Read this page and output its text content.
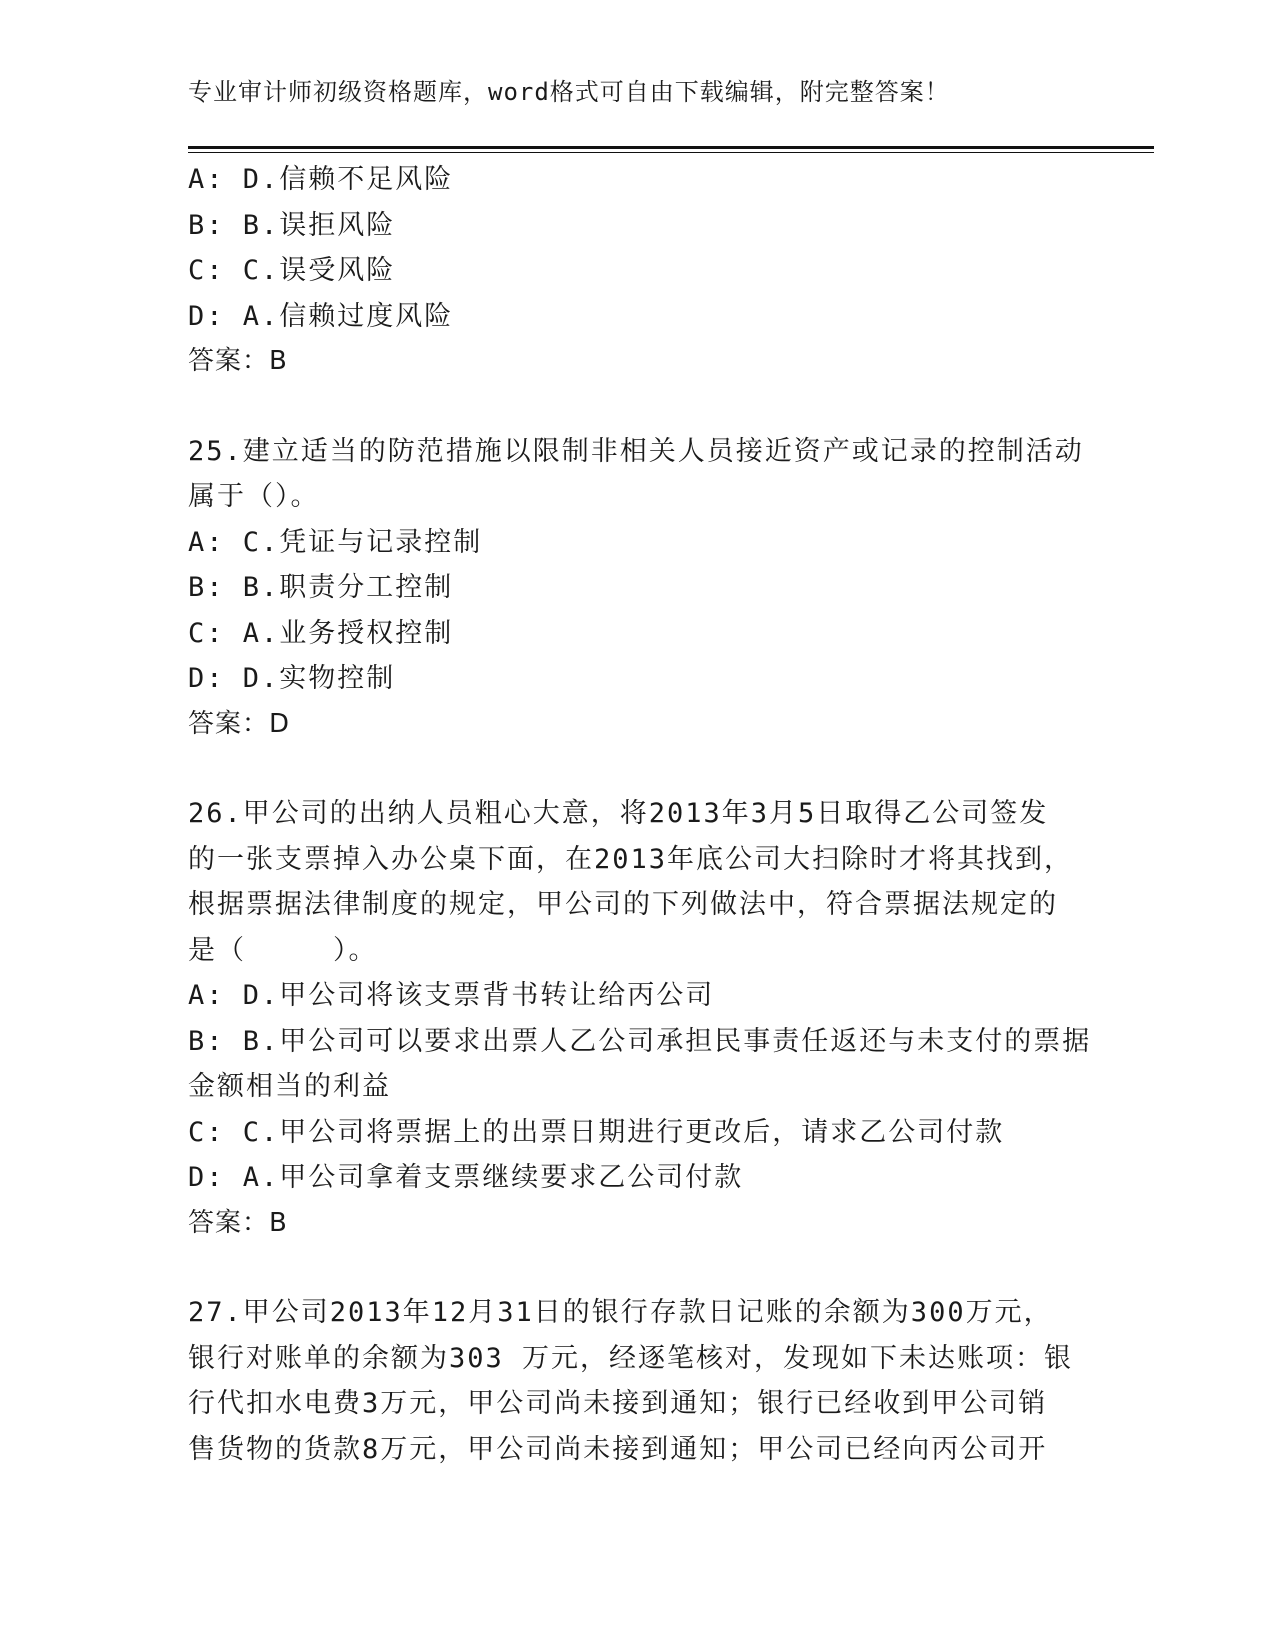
专业审计师初级资格题库，word格式可自由下载编辑，附完整答案！
A: D.信赖不足风险
B: B.误拒风险
C: C.误受风险
D: A.信赖过度风险
答案：B
25.建立适当的防范措施以限制非相关人员接近资产或记录的控制活动
属于（）。
A: C.凭证与记录控制
B: B.职责分工控制
C: A.业务授权控制
D: D.实物控制
答案：D
26.甲公司的出纳人员粗心大意，将2013年3月5日取得乙公司签发
的一张支票掉入办公桌下面，在2013年底公司大扫除时才将其找到，
根据票据法律制度的规定，甲公司的下列做法中，符合票据法规定的
是（　　　）。
A: D.甲公司将该支票背书转让给丙公司
B: B.甲公司可以要求出票人乙公司承担民事责任返还与未支付的票据
金额相当的利益
C: C.甲公司将票据上的出票日期进行更改后，请求乙公司付款
D: A.甲公司拿着支票继续要求乙公司付款
答案：B
27.甲公司2013年12月31日的银行存款日记账的余额为300万元，
银行对账单的余额为303 万元，经逐笔核对，发现如下未达账项：银
行代扣水电费3万元，甲公司尚未接到通知；银行已经收到甲公司销
售货物的货款8万元，甲公司尚未接到通知；甲公司已经向丙公司开
